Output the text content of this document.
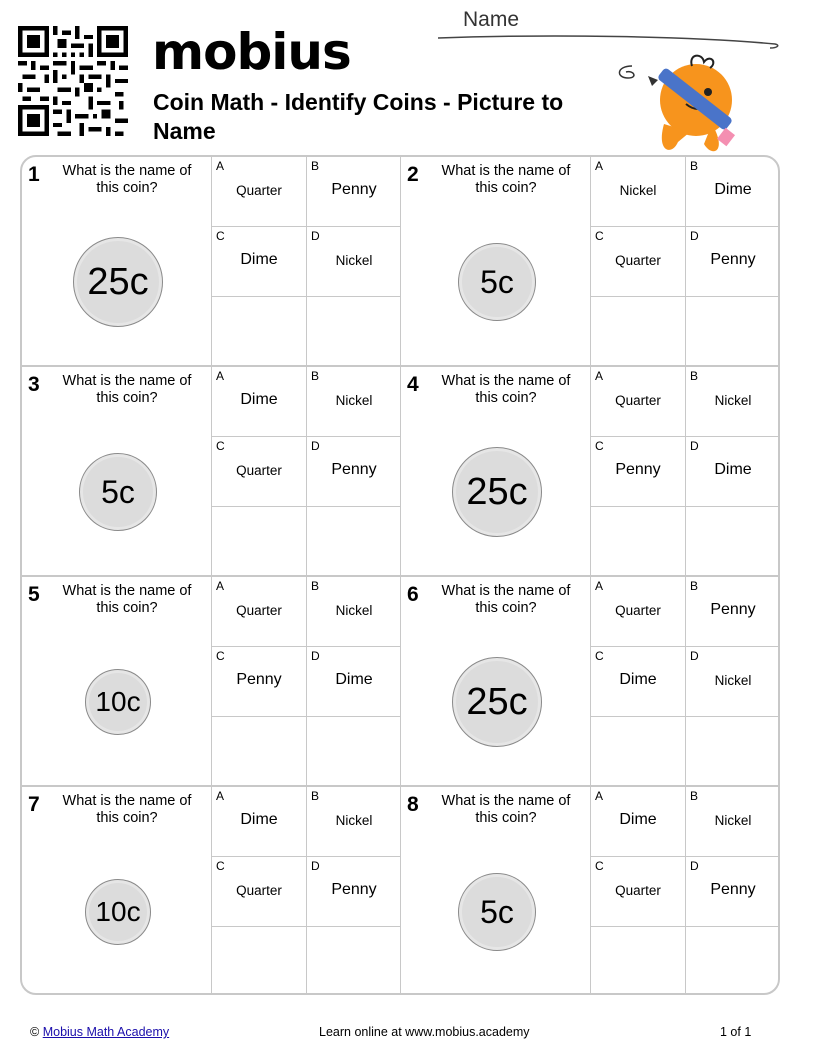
mobius
Coin Math - Identify Coins - Picture to Name
Name
1 What is the name of this coin?
25c
A
Quarter
B
Penny
C
Dime
D
Nickel
2 What is the name of this coin?
5c
A
Nickel
B
Dime
C
Quarter
D
Penny
3 What is the name of this coin?
5c
A
Dime
B
Nickel
C
Quarter
D
Penny
4 What is the name of this coin?
25c
A
Quarter
B
Nickel
C
Penny
D
Dime
5 What is the name of this coin?
10c
A
Quarter
B
Nickel
C
Penny
D
Dime
6 What is the name of this coin?
25c
A
Quarter
B
Penny
C
Dime
D
Nickel
7 What is the name of this coin?
10c
A
Dime
B
Nickel
C
Quarter
D
Penny
8 What is the name of this coin?
5c
A
Dime
B
Nickel
C
Quarter
D
Penny
© Mobius Math Academy	Learn online at www.mobius.academy	1 of 1
